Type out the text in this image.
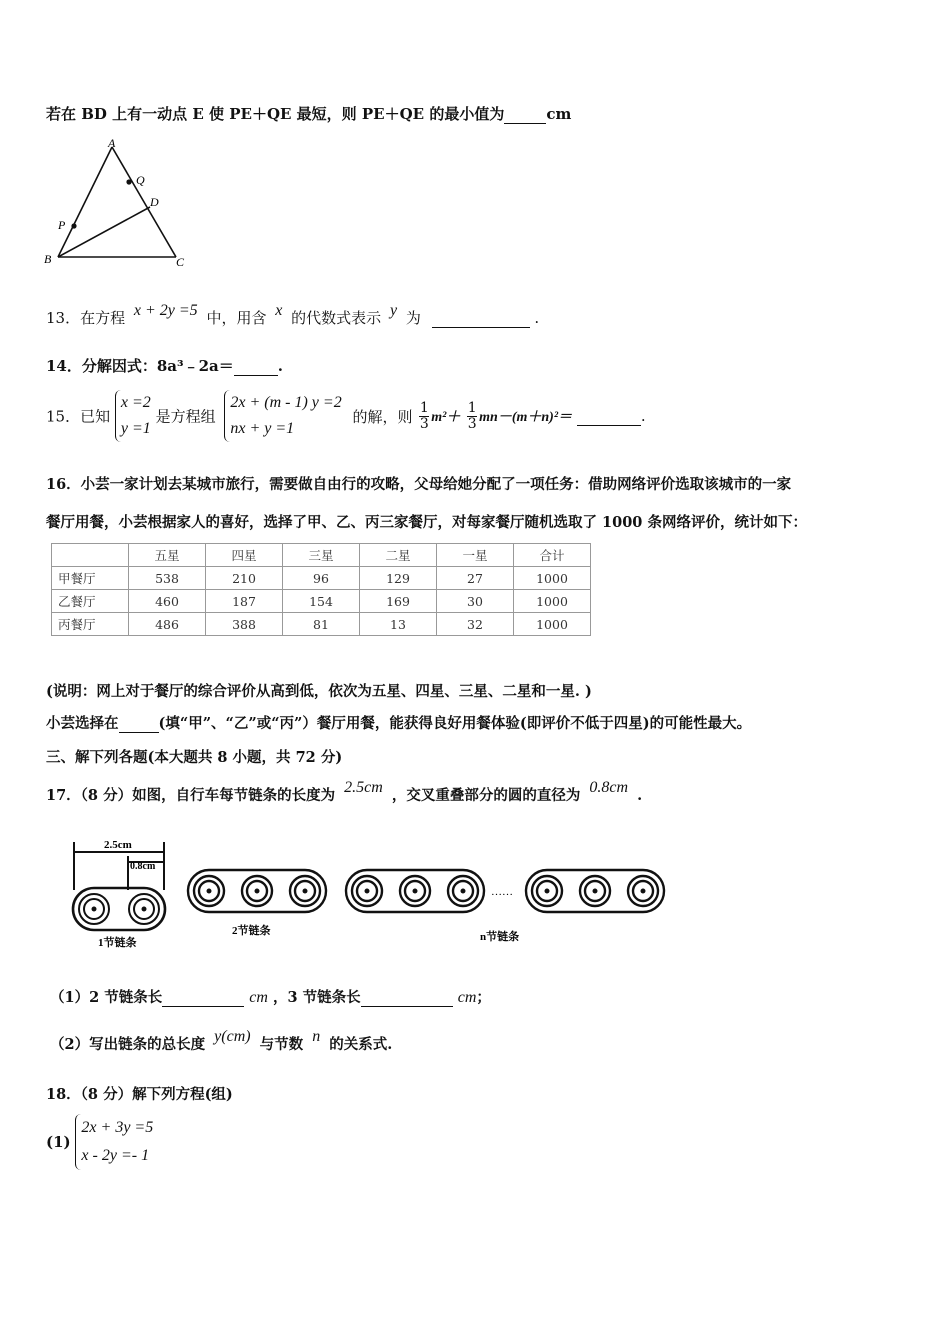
若在 BD 上有一动点 E 使 PE＋QE 最短，则 PE＋QE 的最小值为	cm
A
Q
D
P
B	C
13．在方程 x + 2y =5 中，用含 x 的代数式表示 y 为	.
14．分解因式：8a³﹣2a＝	.
15．已知
x =2
y =1
是方程组
2x + (m - 1) y =2
nx + y =1
的解，则 $\frac{1}{3} m^2+ \frac{1}{3} mn-(m+n)^2=$	.
16．小芸一家计划去某城市旅行，需要做自由行的攻略，父母给她分配了一项任务：借助网络评价选取该城市的一家
餐厅用餐，小芸根据家人的喜好，选择了甲、乙、丙三家餐厅，对每家餐厅随机选取了 1000 条网络评价，统计如下：
	五星	四星	三星	二星	一星	合计
甲餐厅	538	210	96	129	27	1000
乙餐厅	460	187	154	169	30	1000
丙餐厅	486	388	81	13	32	1000
(说明：网上对于餐厅的综合评价从高到低，依次为五星、四星、三星、二星和一星. )
小芸选择在	(填“甲”、“乙”或“丙”）餐厅用餐，能获得良好用餐体验(即评价不低于四星)的可能性最大。
三、解下列各题(本大题共 8 小题，共 72 分)
17．（8 分）如图，自行车每节链条的长度为 2.5cm ，交叉重叠部分的圆的直径为 0.8cm .
2.5cm
0.8cm
1节链条
2节链条
……
n节链条
（1）2 节链条长	cm ，3 节链条长	cm；
（2）写出链条的总长度 y(cm) 与节数 n 的关系式.
18．（8 分）解下列方程(组)
(1)
2x + 3y =5
x - 2y =- 1
